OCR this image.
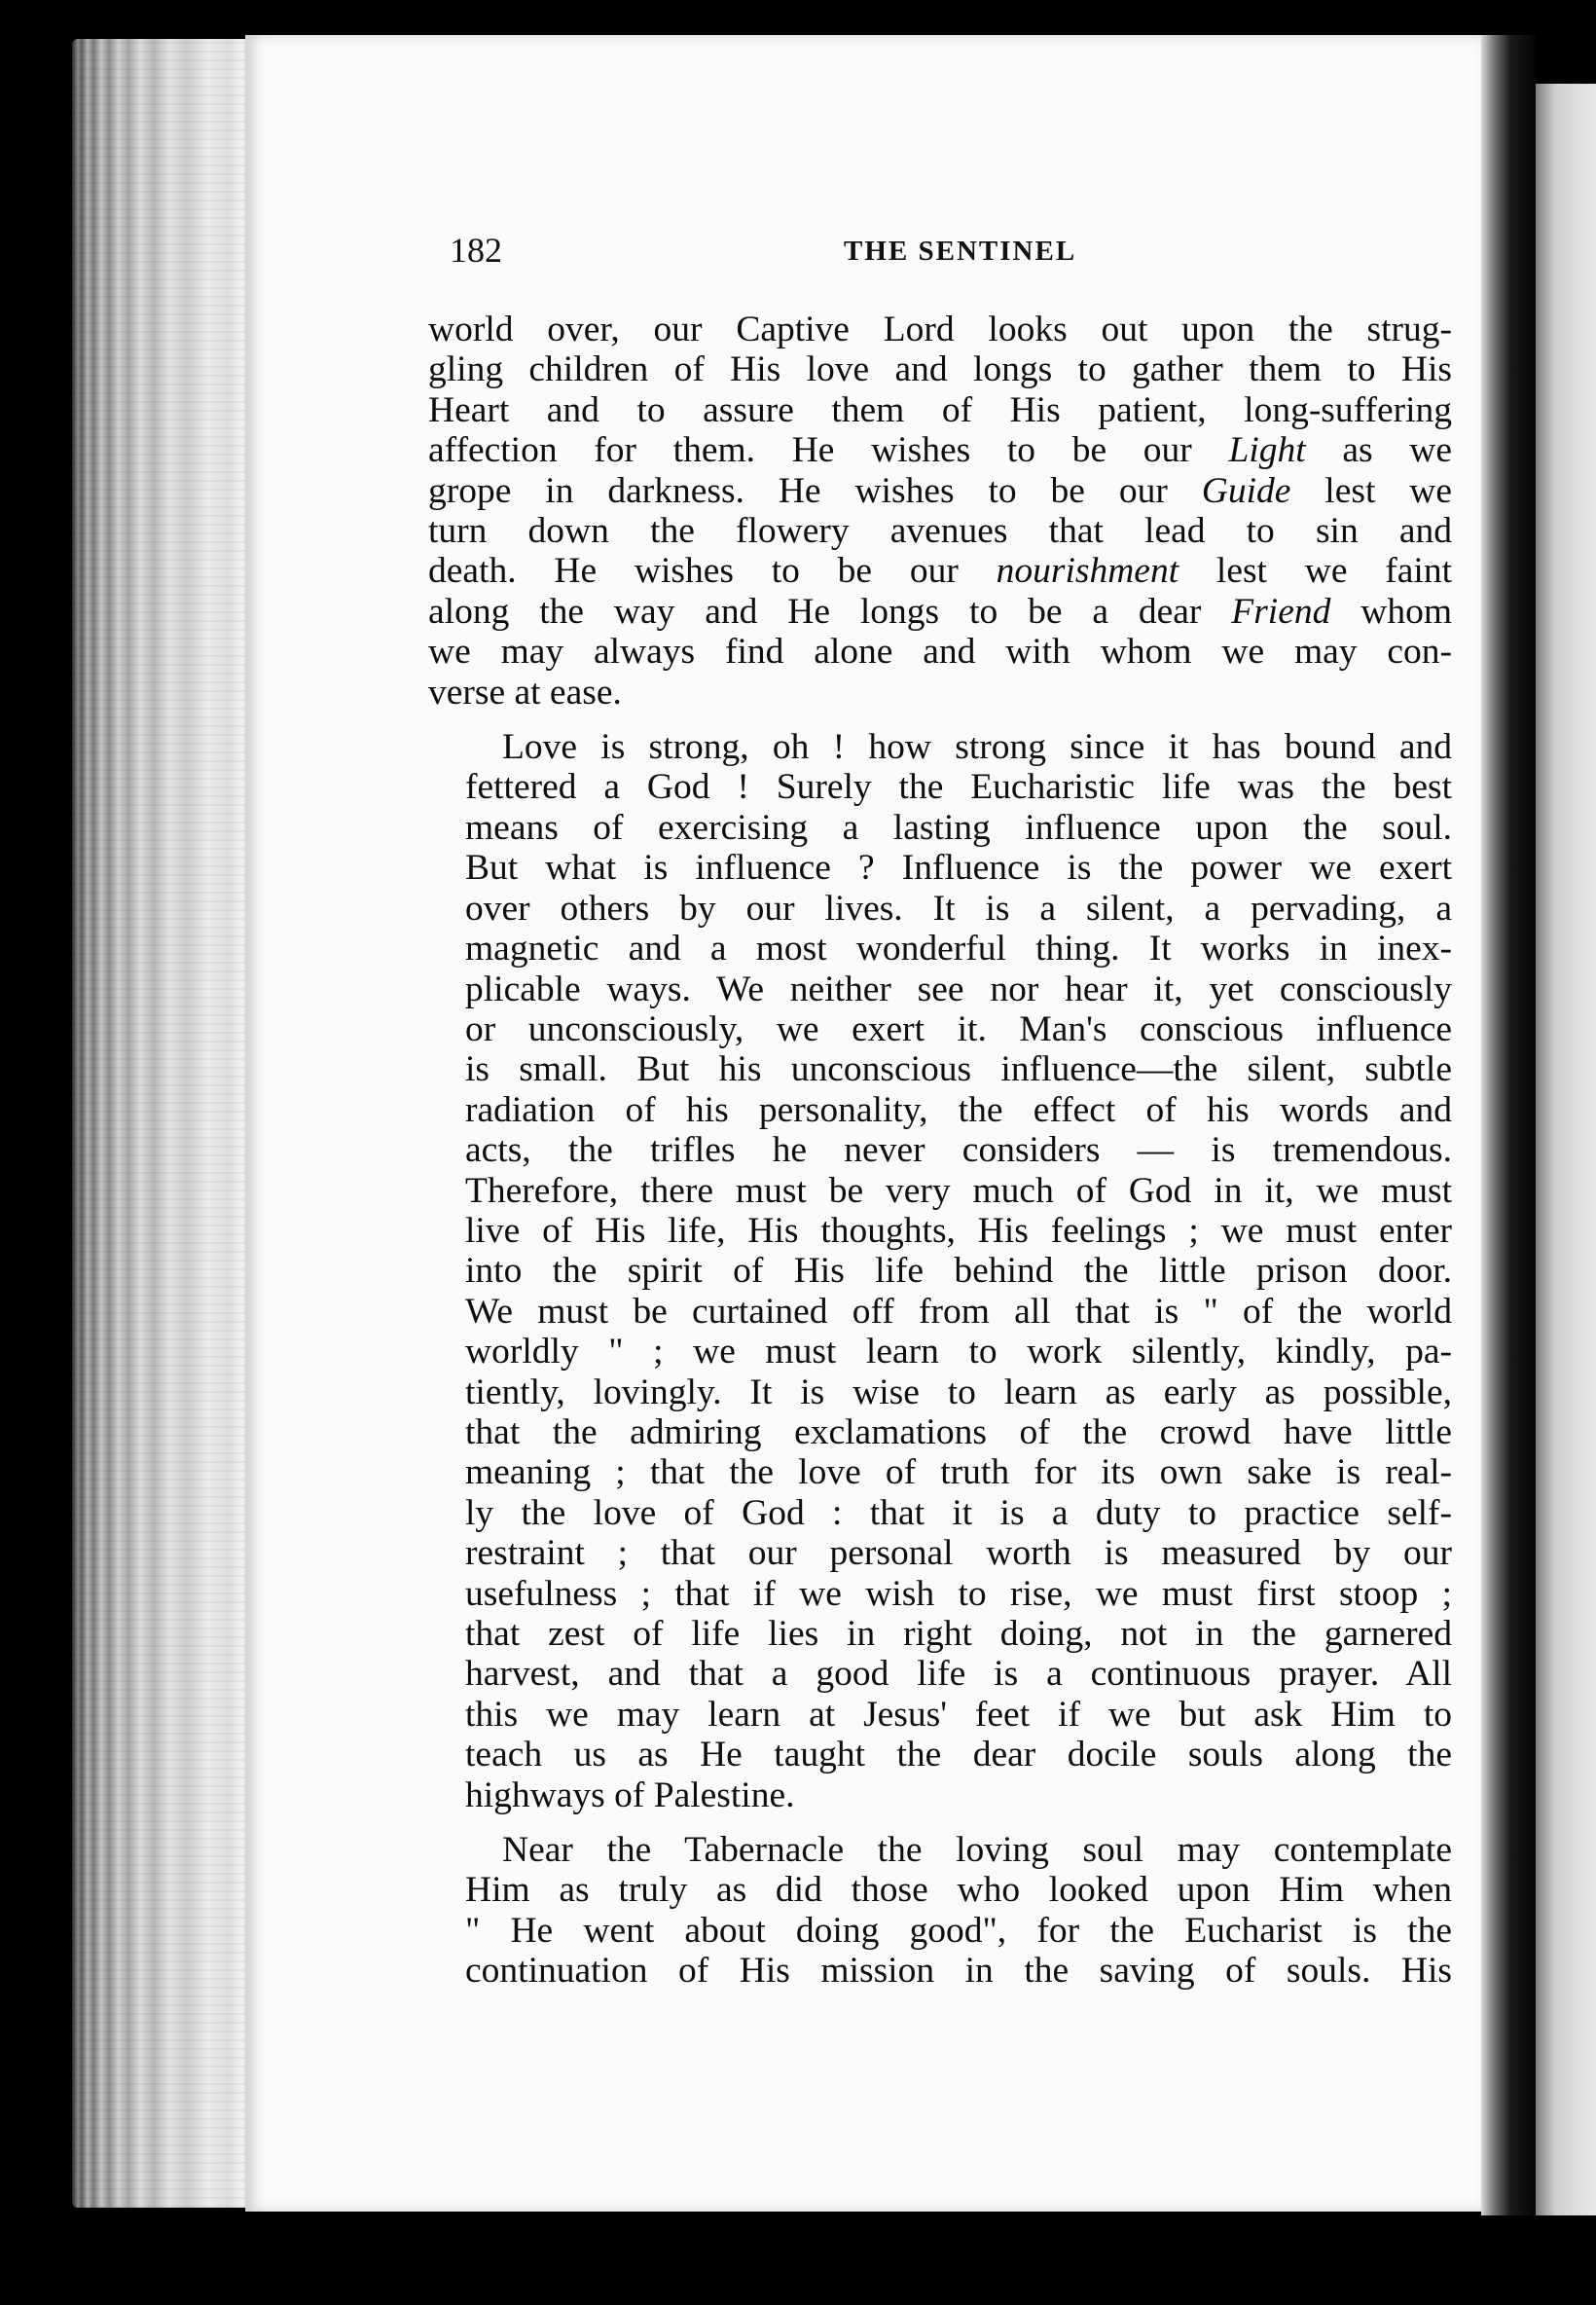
182	THE SENTINEL
world over, our Captive Lord looks out upon the strug-
gling children of His love and longs to gather them to His
Heart and to assure them of His patient, long-suffering
affection for them. He wishes to be our Light as we
grope in darkness. He wishes to be our Guide lest we
turn down the flowery avenues that lead to sin and
death. He wishes to be our nourishment lest we faint
along the way and He longs to be a dear Friend whom
we may always find alone and with whom we may con-
verse at ease.
Love is strong, oh ! how strong since it has bound and
fettered a God ! Surely the Eucharistic life was the best
means of exercising a lasting influence upon the soul.
But what is influence ? Influence is the power we exert
over others by our lives. It is a silent, a pervading, a
magnetic and a most wonderful thing. It works in inex-
plicable ways. We neither see nor hear it, yet consciously
or unconsciously, we exert it. Man's conscious influence
is small. But his unconscious influence—the silent, subtle
radiation of his personality, the effect of his words and
acts, the trifles he never considers — is tremendous.
Therefore, there must be very much of God in it, we must
live of His life, His thoughts, His feelings ; we must enter
into the spirit of His life behind the little prison door.
We must be curtained off from all that is " of the world
worldly " ; we must learn to work silently, kindly, pa-
tiently, lovingly. It is wise to learn as early as possible,
that the admiring exclamations of the crowd have little
meaning ; that the love of truth for its own sake is real-
ly the love of God : that it is a duty to practice self-
restraint ; that our personal worth is measured by our
usefulness ; that if we wish to rise, we must first stoop ;
that zest of life lies in right doing, not in the garnered
harvest, and that a good life is a continuous prayer. All
this we may learn at Jesus' feet if we but ask Him to
teach us as He taught the dear docile souls along the
highways of Palestine.
Near the Tabernacle the loving soul may contemplate
Him as truly as did those who looked upon Him when
" He went about doing good", for the Eucharist is the
continuation of His mission in the saving of souls. His
